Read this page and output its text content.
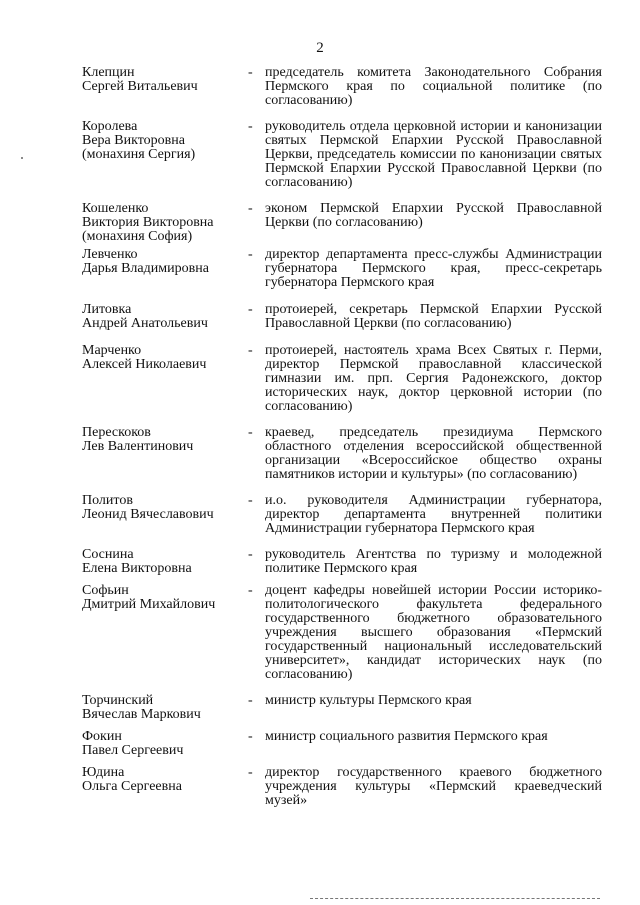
2
Клепцин
Сергей Витальевич
- председатель комитета Законодательного Собрания Пермского края по социальной политике (по согласованию)
Королева
Вера Викторовна
(монахиня Сергия)
- руководитель отдела церковной истории и канонизации святых Пермской Епархии Русской Православной Церкви, председатель комиссии по канонизации святых Пермской Епархии Русской Православной Церкви (по согласованию)
Кошеленко
Виктория Викторовна
(монахиня София)
- эконом Пермской Епархии Русской Православной Церкви (по согласованию)
Левченко
Дарья Владимировна
- директор департамента пресс-службы Администрации губернатора Пермского края, пресс-секретарь губернатора Пермского края
Литовка
Андрей Анатольевич
- протоиерей, секретарь Пермской Епархии Русской Православной Церкви (по согласованию)
Марченко
Алексей Николаевич
- протоиерей, настоятель храма Всех Святых г. Перми, директор Пермской православной классической гимназии им. прп. Сергия Радонежского, доктор исторических наук, доктор церковной истории (по согласованию)
Перескоков
Лев Валентинович
- краевед, председатель президиума Пермского областного отделения всероссийской общественной организации «Всероссийское общество охраны памятников истории и культуры» (по согласованию)
Политов
Леонид Вячеславович
- и.о. руководителя Администрации губернатора, директор департамента внутренней политики Администрации губернатора Пермского края
Соснина
Елена Викторовна
- руководитель Агентства по туризму и молодежной политике Пермского края
Софьин
Дмитрий Михайлович
- доцент кафедры новейшей истории России историко-политологического факультета федерального государственного бюджетного образовательного учреждения высшего образования «Пермский государственный национальный исследовательский университет», кандидат исторических наук (по согласованию)
Торчинский
Вячеслав Маркович
- министр культуры Пермского края
Фокин
Павел Сергеевич
- министр социального развития Пермского края
Юдина
Ольга Сергеевна
- директор государственного краевого бюджетного учреждения культуры «Пермский краеведческий музей»
